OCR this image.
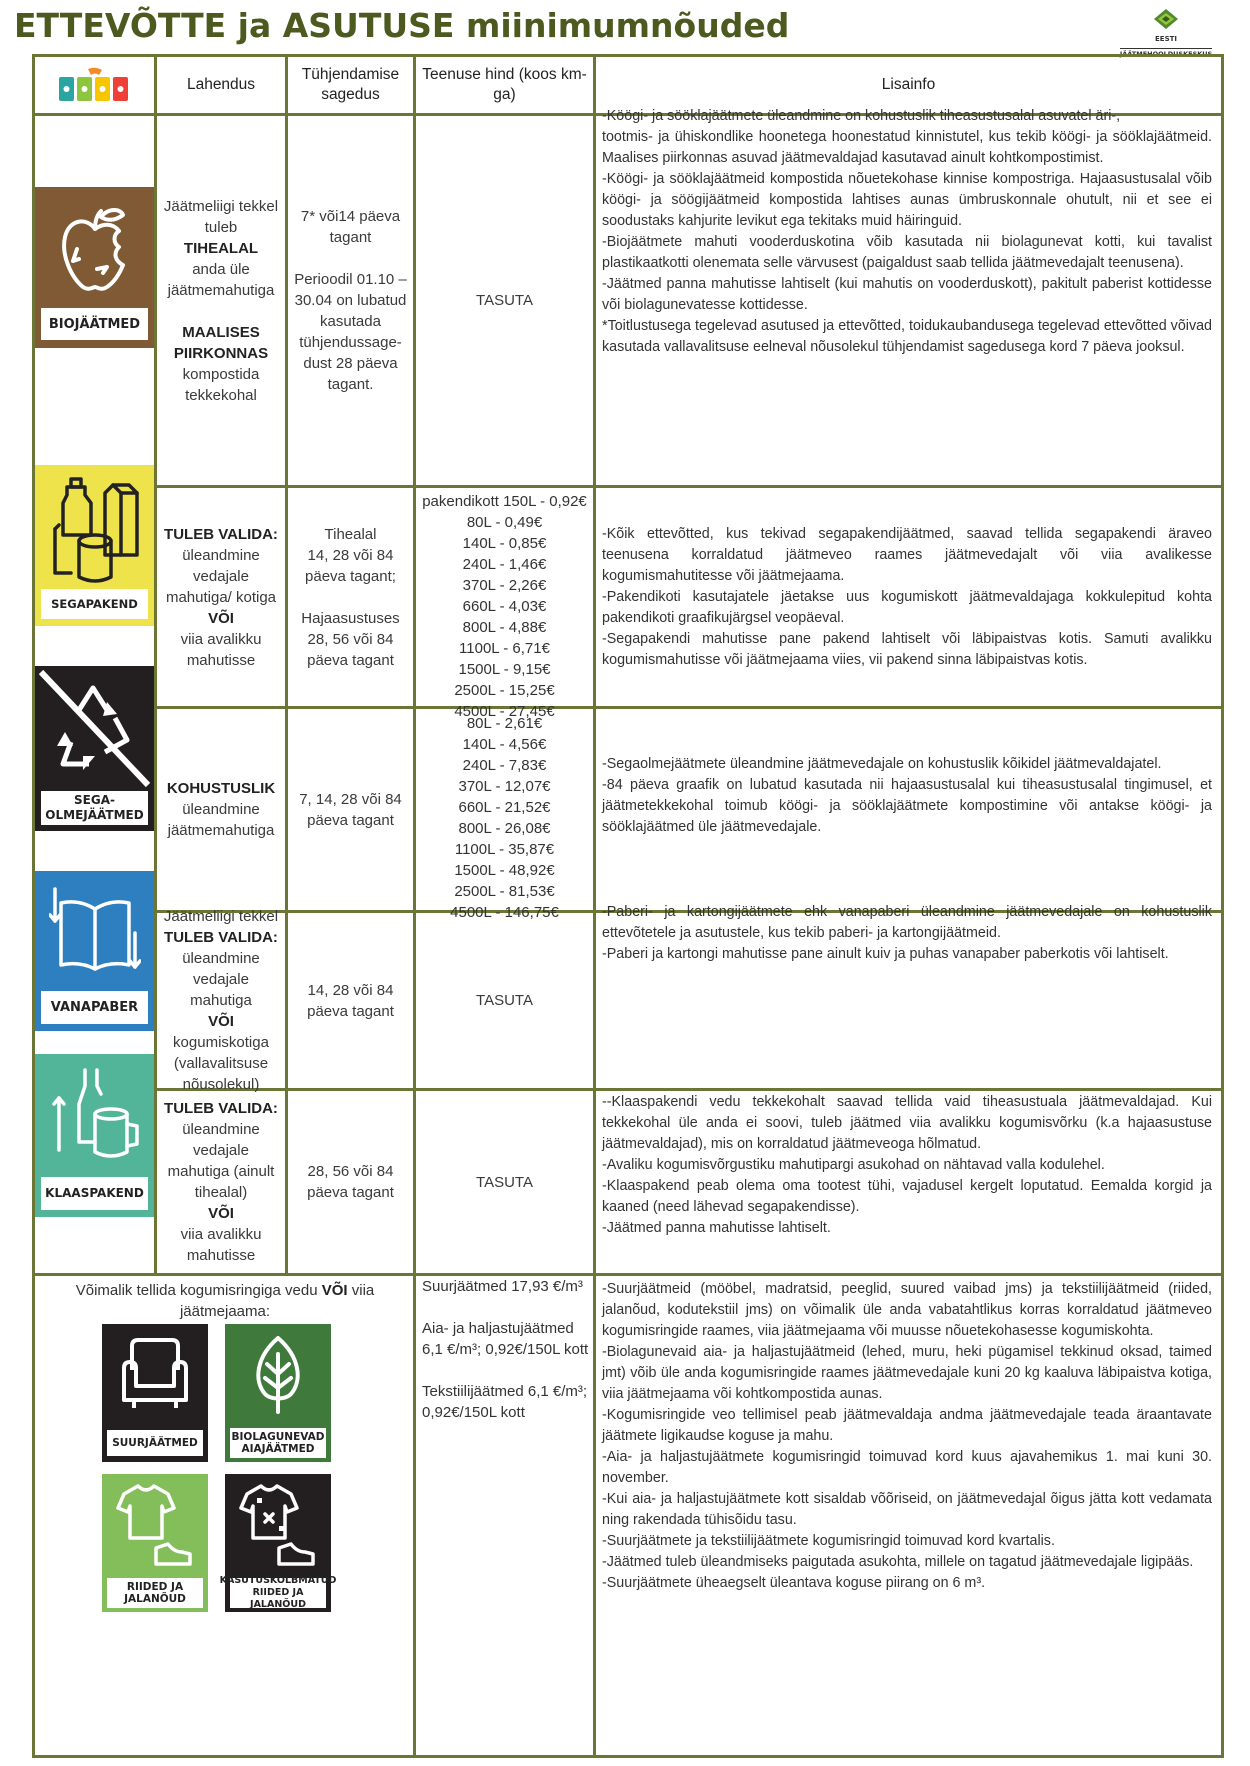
ETTEVÕTTE ja ASUTUSE miinimumnõuded	EESTI
Lahendus
Tühjendamise
sagedus
Teenuse hind (koos km-
ga)
Lisainfo
BIOJÄÄTMED
Jäätmeliigi tekkel
tuleb
TIHEALAL
anda üle
jäätmemahutiga
MAALISES
PIIRKONNAS
kompostida
tekkekohal
7* või14 päeva
tagant
Perioodil 01.10 –
30.04 on lubatud
kasutada
tühjendussage-
dust 28 päeva
tagant.
TASUTA

-Köögi- ja sööklajäätmete üleandmine on kohustuslik tiheasustusalal asuvatel äri-,

tootmis- ja ühiskondlike hoonetega hoonestatud kinnistutel, kus tekib köögi- ja sööklajäätmeid. Maalises piirkonnas asuvad jäätmevaldajad kasutavad ainult kohtkompostimist.

-Köögi- ja sööklajäätmeid kompostida nõuetekohase kinnise kompostriga. Hajaasustusalal võib köögi- ja söögijäätmeid kompostida lahtises aunas ümbruskonnale ohutult, nii et see ei soodustaks kahjurite levikut ega tekitaks muid häiringuid.

-Biojäätmete mahuti vooderduskotina võib kasutada nii biolagunevat kotti, kui tavalist plastikaatkotti olenemata selle värvusest (paigaldust saab tellida jäätmevedajalt teenusena).

-Jäätmed panna mahutisse lahtiselt (kui mahutis on vooderduskott), pakitult paberist kottidesse või biolagunevatesse kottidesse.

*Toitlustusega tegelevad asutused ja ettevõtted, toidukaubandusega tegelevad ettevõtted võivad kasutada vallavalitsuse eelneval nõusolekul tühjendamist sagedusega kord 7 päeva jooksul.

SEGAPAKEND
TULEB VALIDA:
üleandmine
vedajale
mahutiga/ kotiga
VÕI
viia avalikku
mahutisse
Tihealal
14, 28 või 84
päeva tagant;
Hajaasustuses
28, 56 või 84
päeva tagant
pakendikott 150L - 0,92€
80L - 0,49€
140L - 0,85€
240L - 1,46€
370L - 2,26€
660L - 4,03€
800L - 4,88€
1100L - 6,71€
1500L - 9,15€
2500L - 15,25€
4500L - 27,45€

-Kõik ettevõtted, kus tekivad segapakendijäätmed, saavad tellida segapakendi äraveo teenusena korraldatud jäätmeveo raames jäätmevedajalt või viia avalikesse kogumismahutitesse või jäätmejaama.

-Pakendikoti kasutajatele jäetakse uus kogumiskott jäätmevaldajaga kokkulepitud kohta pakendikoti graafikujärgsel veopäeval.

-Segapakendi mahutisse pane pakend lahtiselt või läbipaistvas kotis. Samuti avalikku kogumismahutisse või jäätmejaama viies, vii pakend sinna läbipaistvas kotis.

SEGA-
OLMEJÄÄTMED
KOHUSTUSLIK
üleandmine
jäätmemahutiga
7, 14, 28 või 84
päeva tagant
80L - 2,61€
140L - 4,56€
240L - 7,83€
370L - 12,07€
660L - 21,52€
800L - 26,08€
1100L - 35,87€
1500L - 48,92€
2500L - 81,53€
4500L - 146,75€

-Segaolmejäätmete üleandmine jäätmevedajale on kohustuslik kõikidel jäätmevaldajatel.

-84 päeva graafik on lubatud kasutada nii hajaasustusalal kui tiheasustusalal tingimusel, et jäätmetekkekohal toimub köögi- ja sööklajäätmete kompostimine või antakse köögi- ja sööklajäätmed üle jäätmevedajale.

VANAPABER
Jäätmeliigi tekkel
TULEB VALIDA:
üleandmine
vedajale
mahutiga
VÕI
kogumiskotiga
(vallavalitsuse
nõusolekul)
14, 28 või 84
päeva tagant
TASUTA

-Paberi- ja kartongijäätmete ehk vanapaberi üleandmine jäätmevedajale on kohustuslik ettevõtetele ja asutustele, kus tekib paberi- ja kartongijäätmeid.

-Paberi ja kartongi mahutisse pane ainult kuiv ja puhas vanapaber paberkotis või lahtiselt.

KLAASPAKEND
TULEB VALIDA:
üleandmine
vedajale
mahutiga (ainult
tihealal)
VÕI
viia avalikku
mahutisse
28, 56 või 84
päeva tagant
TASUTA

--Klaaspakendi vedu tekkekohalt saavad tellida vaid tiheasustuala jäätmevaldajad. Kui tekkekohal üle anda ei soovi, tuleb jäätmed viia avalikku kogumisvõrku (k.a hajaasustuse jäätmevaldajad), mis on korraldatud jäätmeveoga hõlmatud.

-Avaliku kogumisvõrgustiku mahutipargi asukohad on nähtavad valla kodulehel.

-Klaaspakend peab olema oma tootest tühi, vajadusel kergelt loputatud. Eemalda korgid ja kaaned (need lähevad segapakendisse).

-Jäätmed panna mahutisse lahtiselt.

Võimalik tellida kogumisringiga vedu VÕI viia
jäätmejaama:
SUURJÄÄTMED	BIOLAGUNEVAD
AIAJÄÄTMED
RIIDED JA
JALANÕUD
KASUTUSKÕLBMATUD
RIIDED JA JALANÕUD

Suurjäätmed 17,93 €/m³

Aia- ja haljastujäätmed
6,1 €/m³; 0,92€/150L kott

Tekstiilijäätmed 6,1 €/m³;
0,92€/150L kott

-Suurjäätmeid (mööbel, madratsid, peeglid, suured vaibad jms) ja tekstiilijäätmeid (riided, jalanõud, kodutekstiil jms) on võimalik üle anda vabatahtlikus korras korraldatud jäätmeveo kogumisringide raames, viia jäätmejaama või muusse nõuetekohasesse kogumiskohta.

-Biolagunevaid aia- ja haljastujäätmeid (lehed, muru, heki pügamisel tekkinud oksad, taimed jmt) võib üle anda kogumisringide raames jäätmevedajale kuni 20 kg kaaluva läbipaistva kotiga, viia jäätmejaama või kohtkompostida aunas.

-Kogumisringide veo tellimisel peab jäätmevaldaja andma jäätmevedajale teada äraantavate jäätmete ligikaudse koguse ja mahu.

-Aia- ja haljastujäätmete kogumisringid toimuvad kord kuus ajavahemikus 1. mai kuni 30. november.

-Kui aia- ja haljastujäätmete kott sisaldab võõriseid, on jäätmevedajal õigus jätta kott vedamata ning rakendada tühisõidu tasu.

-Suurjäätmete ja tekstiilijäätmete kogumisringid toimuvad kord kvartalis.

-Jäätmed tuleb üleandmiseks paigutada asukohta, millele on tagatud jäätmevedajale ligipääs.

-Suurjäätmete üheaegselt üleantava koguse piirang on 6 m³.
